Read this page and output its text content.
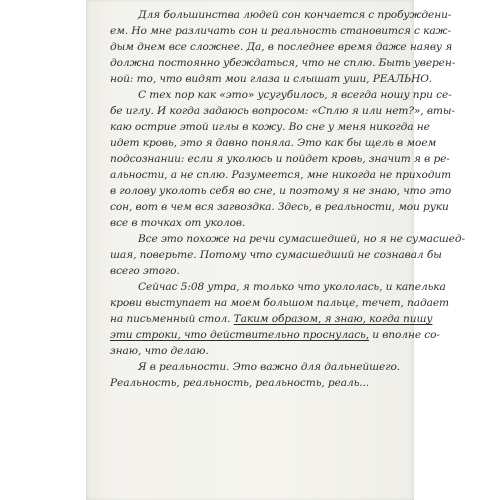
Для большинства людей сон кончается с пробуждени-
ем. Но мне различать сон и реальность становится с каж-
дым днем все сложнее. Да, в последнее время даже наяву я
должна постоянно убеждаться, что не сплю. Быть уверен-
ной: то, что видят мои глаза и слышат уши, РЕАЛЬНО.
С тех пор как «это» усугубилось, я всегда ношу при се-
бе иглу. И когда задаюсь вопросом: «Сплю я или нет?», вты-
каю острие этой иглы в кожу. Во сне у меня никогда не
идет кровь, это я давно поняла. Это как бы щель в моем
подсознании: если я уколюсь и пойдет кровь, значит я в ре-
альности, а не сплю. Разумеется, мне никогда не приходит
в голову уколоть себя во сне, и поэтому я не знаю, что это
сон, вот в чем вся загвоздка. Здесь, в реальности, мои руки
все в точках от уколов.
Все это похоже на речи сумасшедшей, но я не сумасшед-
шая, поверьте. Потому что сумасшедший не сознавал бы
всего этого.
Сейчас 5:08 утра, я только что укололась, и капелька
крови выступает на моем большом пальце, течет, падает
на письменный стол. Таким образом, я знаю, когда пишу
эти строки, что действительно проснулась, и вполне со-
знаю, что делаю.
Я в реальности. Это важно для дальнейшего.
Реальность, реальность, реальность, реаль...
